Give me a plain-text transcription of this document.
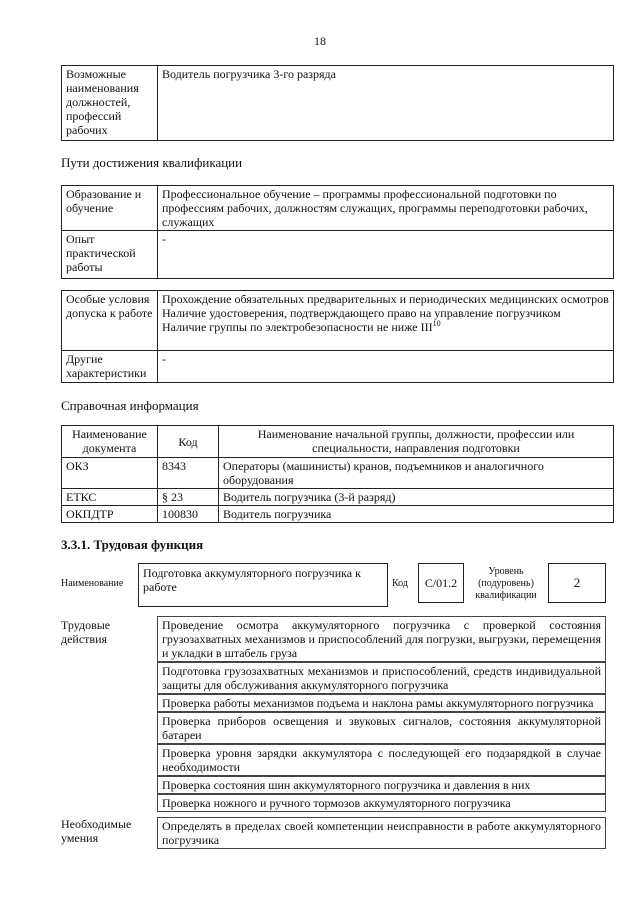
18
Возможные наименования должностей, профессий рабочих	Водитель погрузчика 3-го разряда
Пути достижения квалификации
Образование и обучение	Профессиональное обучение – программы профессиональной подготовки по профессиям рабочих, должностям служащих, программы переподготовки рабочих, служащих
Опыт практической работы	-
Особые условия допуска к работе	Прохождение обязательных предварительных и периодических медицинских осмотров
Наличие удостоверения, подтверждающего право на управление погрузчиком
Наличие группы по электробезопасности не ниже III$^{10}$

Другие характеристики	-
Справочная информация
Наименование документа	Код	Наименование начальной группы, должности, профессии или специальности, направления подготовки
ОКЗ	8343	Операторы (машинисты) кранов, подъемников и аналогичного оборудования
ЕТКС	§ 23	Водитель погрузчика (3-й разряд)
ОКПДТР	100830	Водитель погрузчика
3.3.1. Трудовая функция
Наименование
Подготовка аккумуляторного погрузчика к работе	Код	С/01.2
Уровень (подуровень) квалификации
2
Трудовые действия
Проведение осмотра аккумуляторного погрузчика с проверкой состояния грузозахватных механизмов и приспособлений для погрузки, выгрузки, перемещения и укладки в штабель груза
Подготовка грузозахватных механизмов и приспособлений, средств индивидуальной защиты для обслуживания аккумуляторного погрузчика
Проверка работы механизмов подъема и наклона рамы аккумуляторного погрузчика
Проверка приборов освещения и звуковых сигналов, состояния аккумуляторной батареи
Проверка уровня зарядки аккумулятора с последующей его подзарядкой в случае необходимости
Проверка состояния шин аккумуляторного погрузчика и давления в них
Проверка ножного и ручного тормозов аккумуляторного погрузчика
Необходимые умения
Определять в пределах своей компетенции неисправности в работе аккумуляторного погрузчика
